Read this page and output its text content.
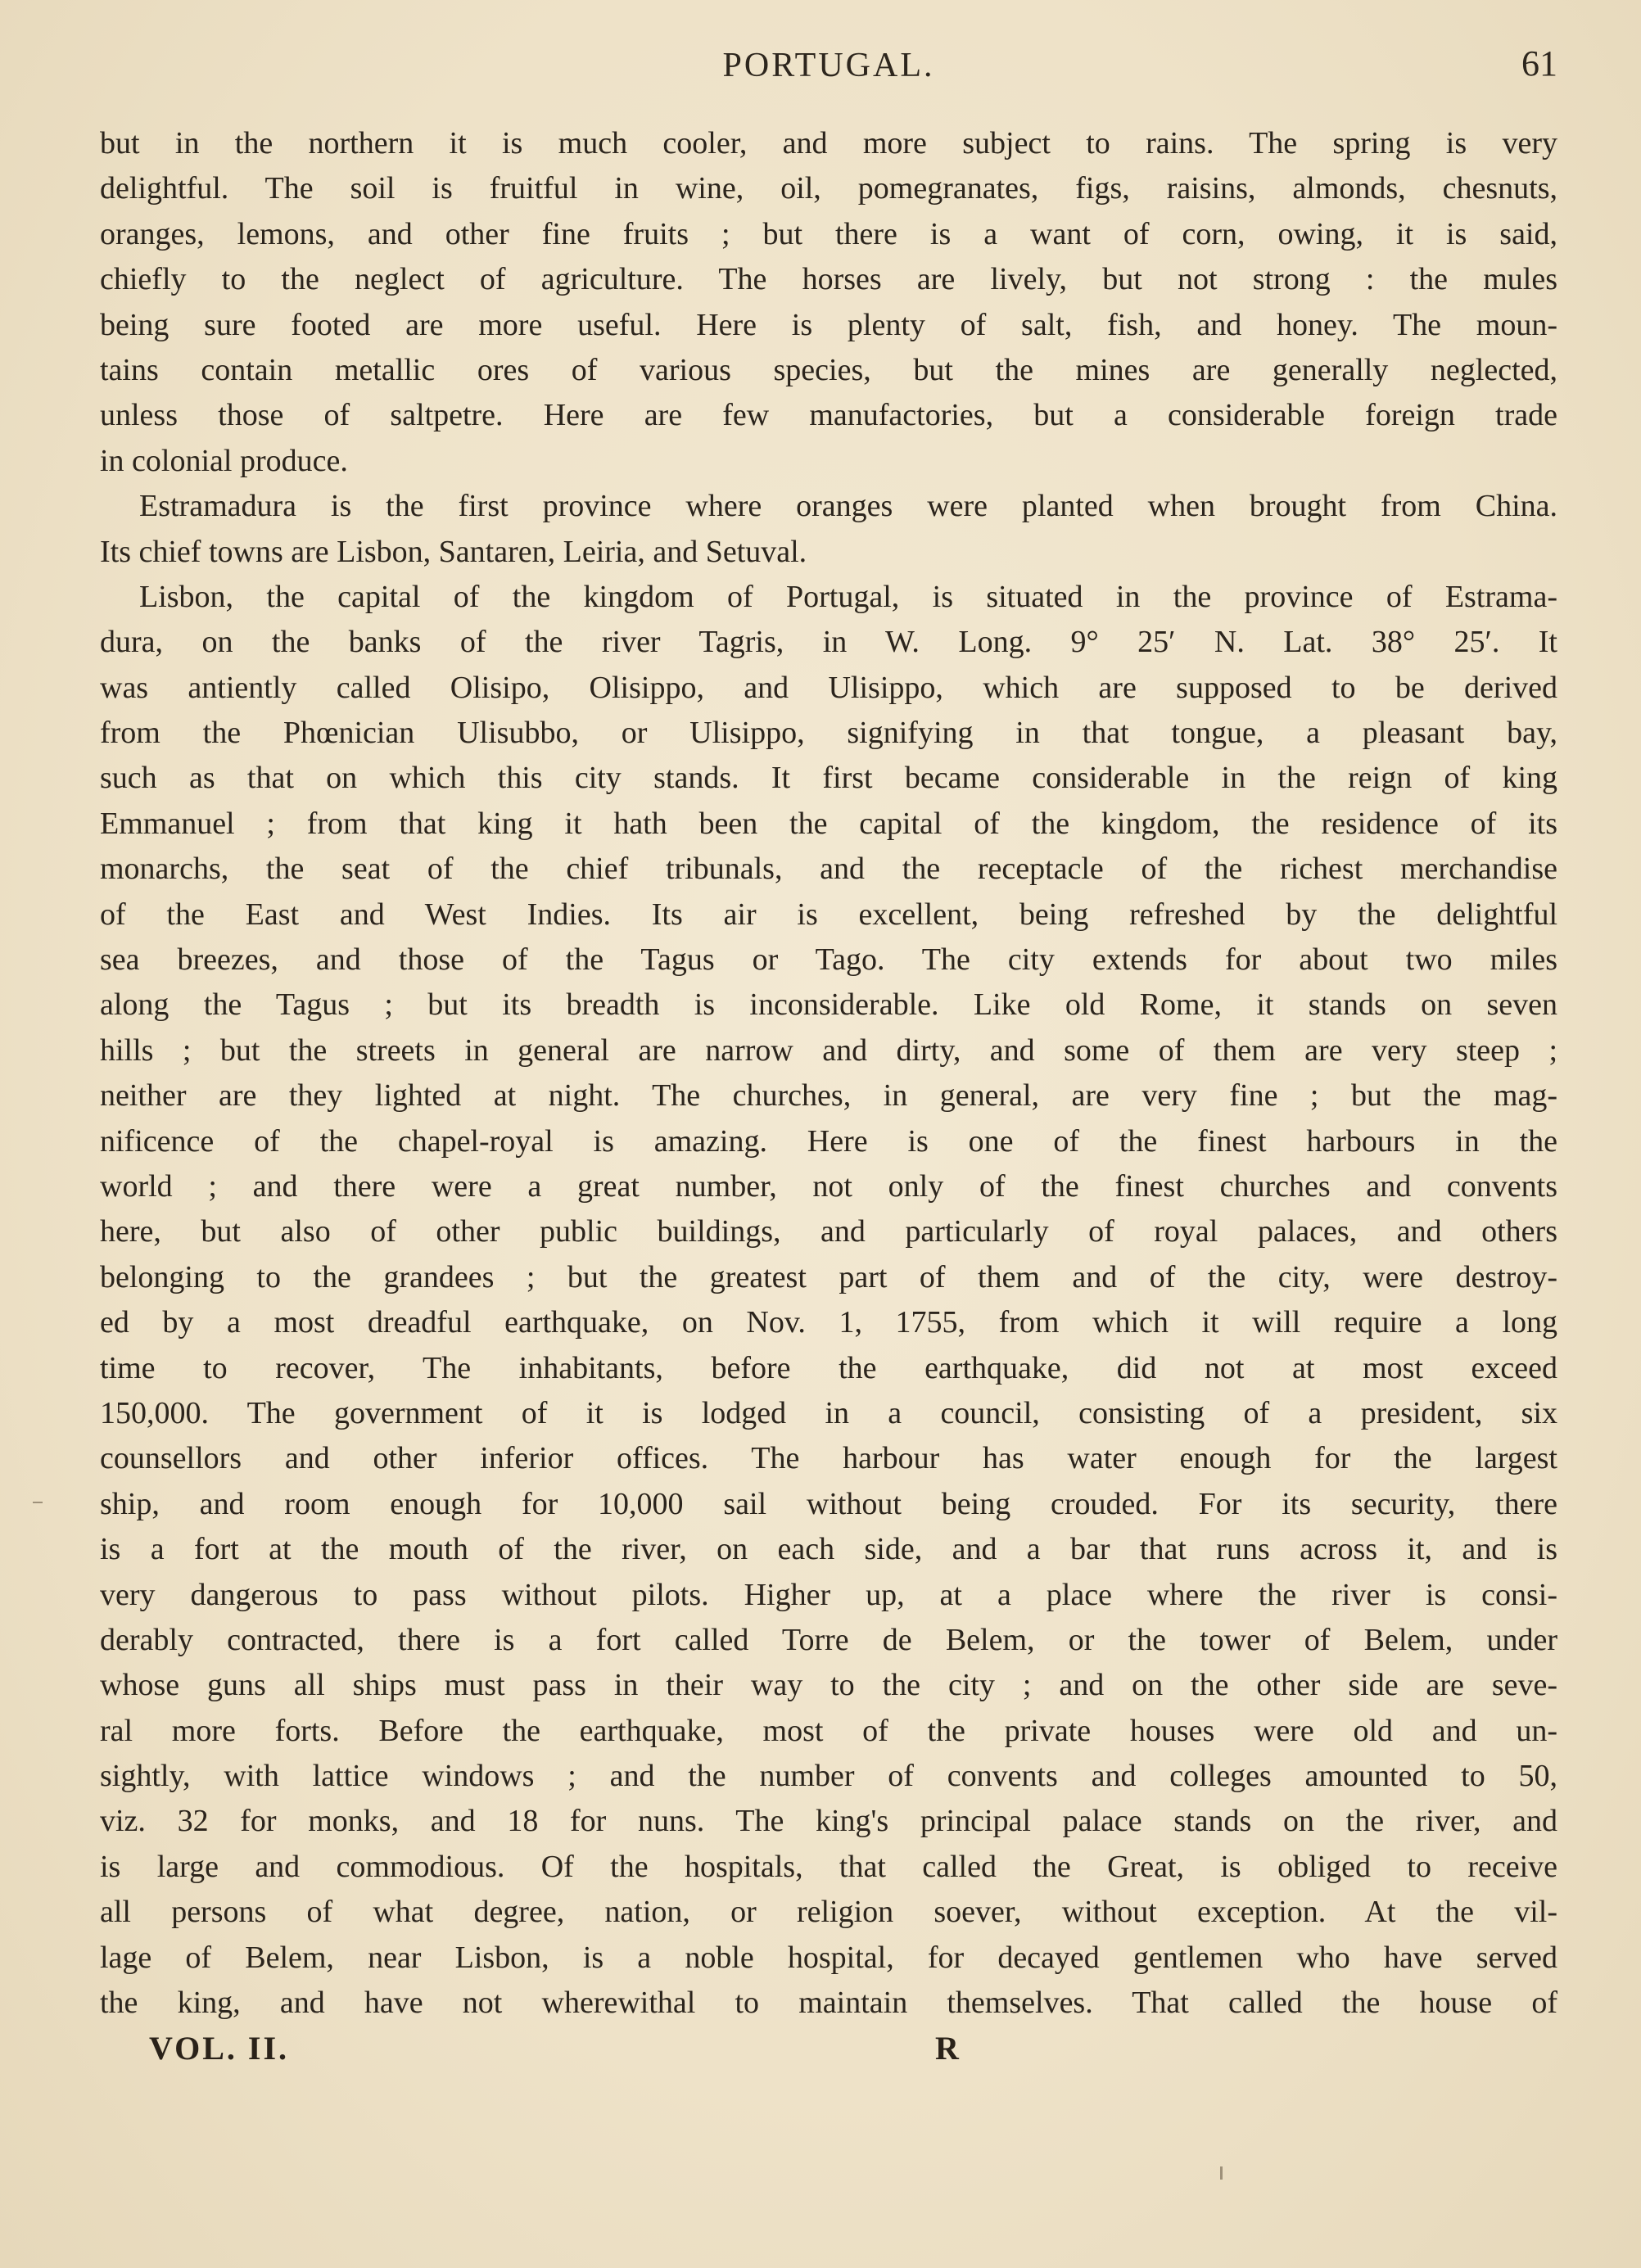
PORTUGAL.	61
but in the northern it is much cooler, and more subject to rains. The spring is very
delightful. The soil is fruitful in wine, oil, pomegranates, figs, raisins, almonds, chesnuts,
oranges, lemons, and other fine fruits ; but there is a want of corn, owing, it is said,
chiefly to the neglect of agriculture. The horses are lively, but not strong : the mules
being sure footed are more useful. Here is plenty of salt, fish, and honey. The moun-
tains contain metallic ores of various species, but the mines are generally neglected,
unless those of saltpetre. Here are few manufactories, but a considerable foreign trade
in colonial produce.
Estramadura is the first province where oranges were planted when brought from China.
Its chief towns are Lisbon, Santaren, Leiria, and Setuval.
Lisbon, the capital of the kingdom of Portugal, is situated in the province of Estrama-
dura, on the banks of the river Tagris, in W. Long. 9° 25′ N. Lat. 38° 25′. It
was antiently called Olisipo, Olisippo, and Ulisippo, which are supposed to be derived
from the Phœnician Ulisubbo, or Ulisippo, signifying in that tongue, a pleasant bay,
such as that on which this city stands. It first became considerable in the reign of king
Emmanuel ; from that king it hath been the capital of the kingdom, the residence of its
monarchs, the seat of the chief tribunals, and the receptacle of the richest merchandise
of the East and West Indies. Its air is excellent, being refreshed by the delightful
sea breezes, and those of the Tagus or Tago. The city extends for about two miles
along the Tagus ; but its breadth is inconsiderable. Like old Rome, it stands on seven
hills ; but the streets in general are narrow and dirty, and some of them are very steep ;
neither are they lighted at night. The churches, in general, are very fine ; but the mag-
nificence of the chapel-royal is amazing. Here is one of the finest harbours in the
world ; and there were a great number, not only of the finest churches and convents
here, but also of other public buildings, and particularly of royal palaces, and others
belonging to the grandees ; but the greatest part of them and of the city, were destroy-
ed by a most dreadful earthquake, on Nov. 1, 1755, from which it will require a long
time to recover, The inhabitants, before the earthquake, did not at most exceed
150,000. The government of it is lodged in a council, consisting of a president, six
counsellors and other inferior offices. The harbour has water enough for the largest
ship, and room enough for 10,000 sail without being crouded. For its security, there
is a fort at the mouth of the river, on each side, and a bar that runs across it, and is
very dangerous to pass without pilots. Higher up, at a place where the river is consi-
derably contracted, there is a fort called Torre de Belem, or the tower of Belem, under
whose guns all ships must pass in their way to the city ; and on the other side are seve-
ral more forts. Before the earthquake, most of the private houses were old and un-
sightly, with lattice windows ; and the number of convents and colleges amounted to 50,
viz. 32 for monks, and 18 for nuns. The king's principal palace stands on the river, and
is large and commodious. Of the hospitals, that called the Great, is obliged to receive
all persons of what degree, nation, or religion soever, without exception. At the vil-
lage of Belem, near Lisbon, is a noble hospital, for decayed gentlemen who have served
the king, and have not wherewithal to maintain themselves. That called the house of
VOL. II.	R
